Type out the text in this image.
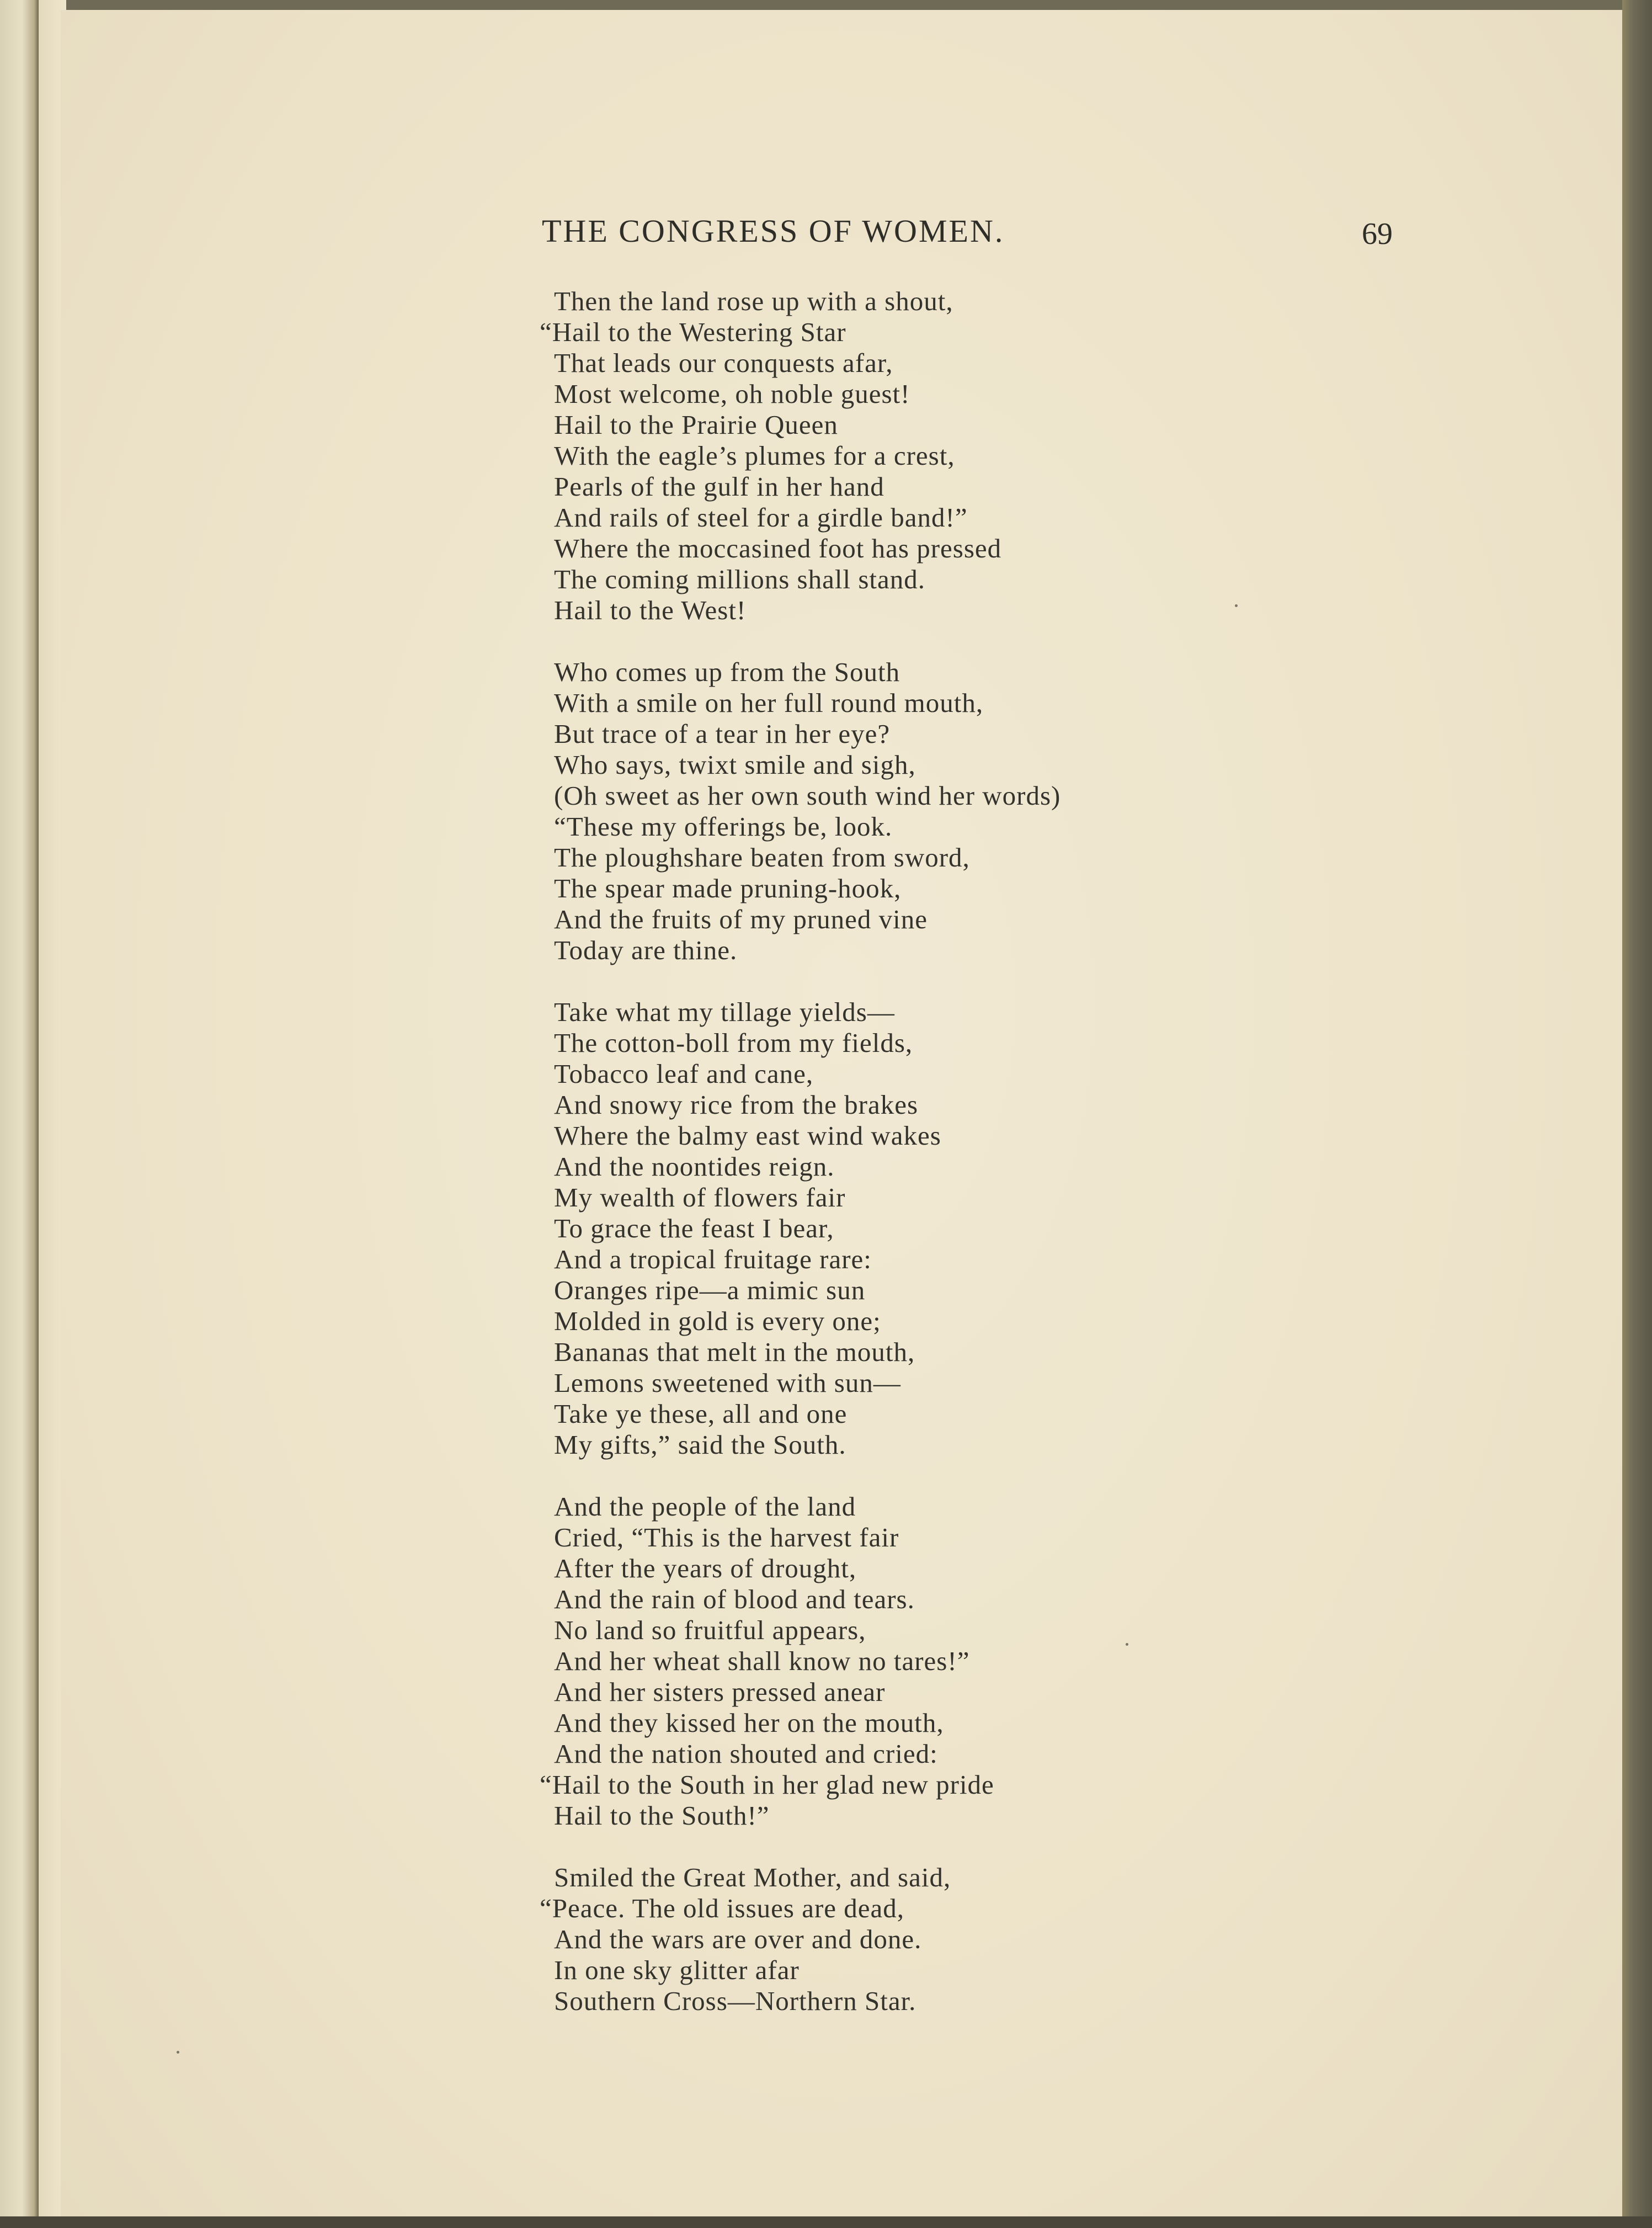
THE CONGRESS OF WOMEN.	69
Then the land rose up with a shout,
“Hail to the Westering Star
That leads our conquests afar,
Most welcome, oh noble guest!
Hail to the Prairie Queen
With the eagle’s plumes for a crest,
Pearls of the gulf in her hand
And rails of steel for a girdle band!”
Where the moccasined foot has pressed
The coming millions shall stand.
Hail to the West!
Who comes up from the South
With a smile on her full round mouth,
But trace of a tear in her eye?
Who says, twixt smile and sigh,
(Oh sweet as her own south wind her words)
“These my offerings be, look.
The ploughshare beaten from sword,
The spear made pruning-hook,
And the fruits of my pruned vine
Today are thine.
Take what my tillage yields—
The cotton-boll from my fields,
Tobacco leaf and cane,
And snowy rice from the brakes
Where the balmy east wind wakes
And the noontides reign.
My wealth of flowers fair
To grace the feast I bear,
And a tropical fruitage rare:
Oranges ripe—a mimic sun
Molded in gold is every one;
Bananas that melt in the mouth,
Lemons sweetened with sun—
Take ye these, all and one
My gifts,” said the South.
And the people of the land
Cried, “This is the harvest fair
After the years of drought,
And the rain of blood and tears.
No land so fruitful appears,
And her wheat shall know no tares!”
And her sisters pressed anear
And they kissed her on the mouth,
And the nation shouted and cried:
“Hail to the South in her glad new pride
Hail to the South!”
Smiled the Great Mother, and said,
“Peace. The old issues are dead,
And the wars are over and done.
In one sky glitter afar
Southern Cross—Northern Star.
